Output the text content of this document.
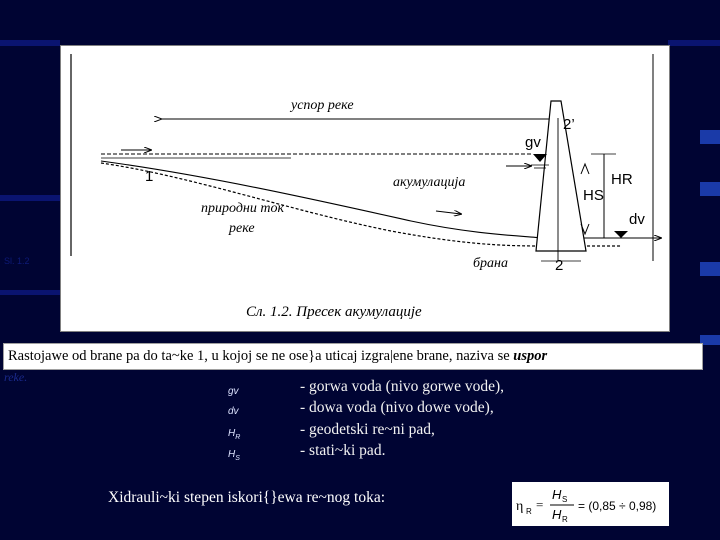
Sl. 1.2
успор реке
2’
gv
1	акумулација	HR
HS
природни ток
реке
dv
брана	2
Сл. 1.2. Пресек акумулације
Rastojawe od brane pa do ta~ke 1, u kojoj se ne ose}a uticaj izgra|ene brane, naziva se uspor
reke.
gv	- gorwa voda (nivo gorwe vode),
dv	- dowa voda (nivo dowe vode),
$H_R$	- geodetski re~ni pad,
$H_S$	- stati~ki pad.
Xidrauli~ki stepen iskori{}ewa re~nog toka:
η R =
H S
H R
= (0,85 ÷ 0,98)
